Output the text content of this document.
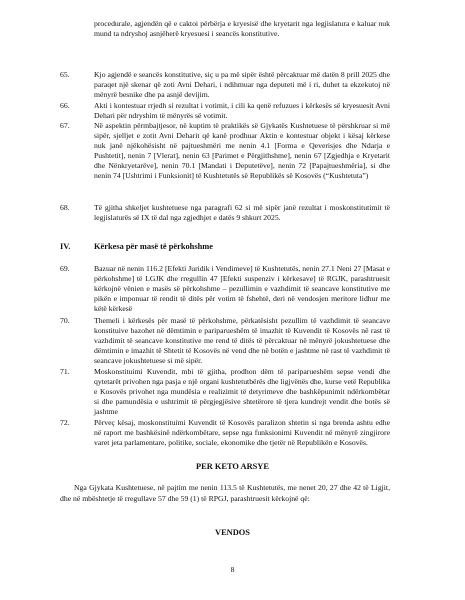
procedurale, agjendën që e caktoi përbërja e kryesisë dhe kryetarit nga legjislatura e kaluar nuk mund ta ndryshoj asnjëherë kryesuesi i seancës konstitutive.

65.	Kjo agjendë e seancës konstitutive, siç u pa më sipër është përcaktuar më datën 8 prill 2025 dhe paraqet një skenar që zoti Avni Dehari, i ndihmuar nga deputeti më i ri, duhet ta ekzekutoj në mënyrë besnike dhe pa asnjë devijim.

66.	Akti i kontestuar rrjedh si rezultat i votimit, i cili ka qenë refuzues i kërkesës së kryesuesit Avni Dehari për ndryshim të mënyrës së votimit.

67.	Në aspektin përmbajtjesor, në kuptim të praktikës së Gjykatës Kushtetuese të përshkruar si më sipër, sjelljet e zotit Avni Deharit që kanë prodhuar Aktin e kontestuar objekt i kësaj kërkese nuk janë njëkohësisht në pajtueshmëri me nenin 4.1 [Forma e Qeverisjes dhe Ndarja e Pushtetit], nenin 7 [Vlerat], nenin 63 [Parimet e Përgjithshme], nenin 67 [Zgjedhja e Kryetarit dhe Nënkryetarëve], nenin 70.1 [Mandati i Deputetëve], nenin 72 [Papajtueshmëria], si dhe nenin 74 [Ushtrimi i Funksionit] të Kushtetutës së Republikës së Kosovës (“Kushtetuta”)

68.	Të gjitha shkeljet kushtetuese nga paragrafi 62 si më sipër janë rezultat i moskonstitutimit të legjislaturës së IX të dal nga zgjedhjet e datës 9 shkurt 2025.

IV.	Kërkesa për masë të përkohshme
69.	Bazuar në nenin 116.2 [Efekti Juridik i Vendimeve] të Kushtetutës, nenin 27.1 Neni 27 [Masat e përkohshme] të LGJK dhe rregullin 47 [Efekti suspenziv i kërkesave] të RGJK, parashtruesit kërkojnë vënien e masës së përkohshme – pezullimin e vazhdimit të seancave konstitutive me pikën e imponuar të rendit të ditës për votim të fshehtë, deri në vendosjen meritore lidhur me këtë kërkesë

70.	Themeli i kërkesës për masë të përkohshme, përkatësisht pezullim të vazhdimit të seancave konstituive bazohet në dëmtimin e pariparueshëm të imazhit të Kuvendit të Kosovës në rast të vazhdimit të seancave konstitutive me rend të ditës të përcaktuar në mënyrë jokushtetuese dhe dëmtimin e imazhit të Shtetit të Kosovës në vend dhe në botën e jashtme në rast të vazhdimit të seancave jokushtetuese si më sipër.

71.	Moskonstituimi Kuvendit, mbi të gjitha, prodhon dëm të pariparueshëm sepse vendi dhe qytetarët privohen nga pasja e një organi kushtetutbërës dhe ligjvënës dhe, kurse vetë Republika e Kosovës privohet nga mundësia e realizimit të detyrimeve dhe bashkëpunimit ndërkombëtar si dhe pamundësia e ushtrimit të përgjegjësive shtetërore të tjera kundrejt vendit dhe botës së jashtme

72.	Përveç kësaj, moskonstituimi Kuvendit të Kosovës paralizon shtetin si nga brenda ashtu edhe në raport me bashkësinë ndërkombëtare, sepse nga funksionimi Kuvendit në mënyrë zingjirore varet jeta parlamentare, politike, sociale, ekonomike dhe tjetër në Republikën e Kosovës.

PER KETO ARSYE

Nga Gjykata Kushtetuese, në pajtim me nenin 113.5 të Kushtetutës, me nenet 20, 27 dhe 42 të Ligjit, dhe në mbështetje të rregullave 57 dhe 59 (1) të RPGJ, parashtruesit kërkojnë që:

VENDOS
8
